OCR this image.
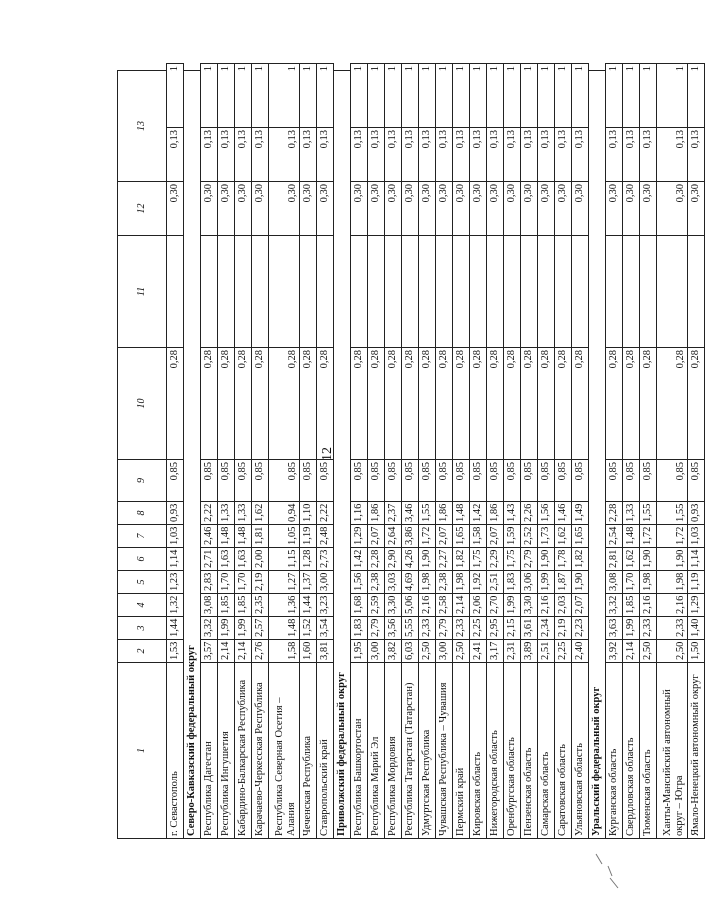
12
1	2	3	4	5	6	7	8	9	10	11	12	13	
г. Севастополь	1,53	1,44	1,32	1,23	1,14	1,03	0,93	0,85	0,28		0,30	0,13	1
Северо-Кавказский федеральный округ													
Республика Дагестан	3,57	3,32	3,08	2,83	2,71	2,46	2,22	0,85	0,28		0,30	0,13	1
Республика Ингушетия	2,14	1,99	1,85	1,70	1,63	1,48	1,33	0,85	0,28		0,30	0,13	1
Кабардино-Балкарская Республика	2,14	1,99	1,85	1,70	1,63	1,48	1,33	0,85	0,28		0,30	0,13	1
Карачаево-Черкесская Республика	2,76	2,57	2,35	2,19	2,00	1,81	1,62	0,85	0,28		0,30	0,13	1
Республика Северная Осетия – Алания	1,58	1,48	1,36	1,27	1,15	1,05	0,94	0,85	0,28		0,30	0,13	1
Чеченская Республика	1,60	1,52	1,44	1,37	1,28	1,19	1,10	0,85	0,28		0,30	0,13	1
Ставропольский край	3,81	3,54	3,23	3,00	2,73	2,48	2,22	0,85	0,28		0,30	0,13	1
Приволжский федеральный округ													
Республика Башкортостан	1,95	1,83	1,68	1,56	1,42	1,29	1,16	0,85	0,28		0,30	0,13	1
Республика Марий Эл	3,00	2,79	2,59	2,38	2,28	2,07	1,86	0,85	0,28		0,30	0,13	1
Республика Мордовия	3,82	3,56	3,30	3,03	2,90	2,64	2,37	0,85	0,28		0,30	0,13	1
Республика Татарстан (Татарстан)	6,03	5,55	5,06	4,69	4,26	3,86	3,46	0,85	0,28		0,30	0,13	1
Удмуртская Республика	2,50	2,33	2,16	1,98	1,90	1,72	1,55	0,85	0,28		0,30	0,13	1
Чувашская Республика – Чувашия	3,00	2,79	2,58	2,38	2,27	2,07	1,86	0,85	0,28		0,30	0,13	1
Пермский край	2,50	2,33	2,14	1,98	1,82	1,65	1,48	0,85	0,28		0,30	0,13	1
Кировская область	2,41	2,25	2,06	1,92	1,75	1,58	1,42	0,85	0,28		0,30	0,13	1
Нижегородская область	3,17	2,95	2,70	2,51	2,29	2,07	1,86	0,85	0,28		0,30	0,13	1
Оренбургская область	2,31	2,15	1,99	1,83	1,75	1,59	1,43	0,85	0,28		0,30	0,13	1
Пензенская область	3,89	3,61	3,30	3,06	2,79	2,52	2,26	0,85	0,28		0,30	0,13	1
Самарская область	2,51	2,34	2,16	1,99	1,90	1,73	1,56	0,85	0,28		0,30	0,13	1
Саратовская область	2,25	2,19	2,03	1,87	1,78	1,62	1,46	0,85	0,28		0,30	0,13	1
Ульяновская область	2,40	2,23	2,07	1,90	1,82	1,65	1,49	0,85	0,28		0,30	0,13	1
Уральский федеральный округ													
Курганская область	3,92	3,63	3,32	3,08	2,81	2,54	2,28	0,85	0,28		0,30	0,13	1
Свердловская область	2,14	1,99	1,85	1,70	1,62	1,48	1,33	0,85	0,28		0,30	0,13	1
Тюменская область	2,50	2,33	2,16	1,98	1,90	1,72	1,55	0,85	0,28		0,30	0,13	1
Ханты-Мансийский автономный округ – Югра	2,50	2,33	2,16	1,98	1,90	1,72	1,55	0,85	0,28		0,30	0,13	1
Ямало-Ненецкий автономный округ	1,50	1,40	1,29	1,19	1,14	1,03	0,93	0,85	0,28		0,30	0,13	1
